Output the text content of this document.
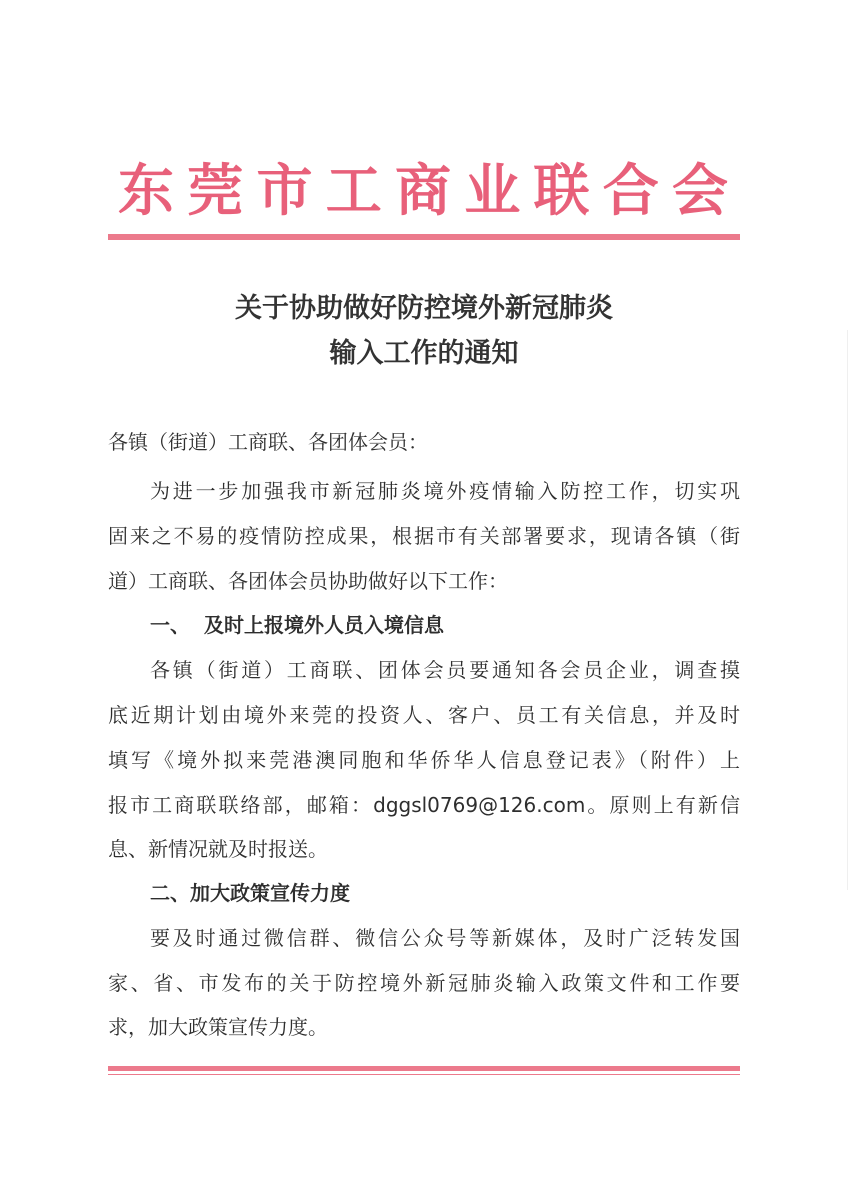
东 莞 市 工 商 业 联 合 会
关于协助做好防控境外新冠肺炎
输入工作的通知
各镇（街道）工商联、各团体会员：
为进一步加强我市新冠肺炎境外疫情输入防控工作，切实巩
固来之不易的疫情防控成果，根据市有关部署要求，现请各镇（街
道）工商联、各团体会员协助做好以下工作：
一、 及时上报境外人员入境信息
各镇（街道）工商联、团体会员要通知各会员企业，调查摸
底近期计划由境外来莞的投资人、客户、员工有关信息，并及时
填写《境外拟来莞港澳同胞和华侨华人信息登记表》（附件）上
报市工商联联络部，邮箱：dggsl0769@126.com。原则上有新信
息、新情况就及时报送。
二、加大政策宣传力度
要及时通过微信群、微信公众号等新媒体，及时广泛转发国
家、省、市发布的关于防控境外新冠肺炎输入政策文件和工作要
求，加大政策宣传力度。
